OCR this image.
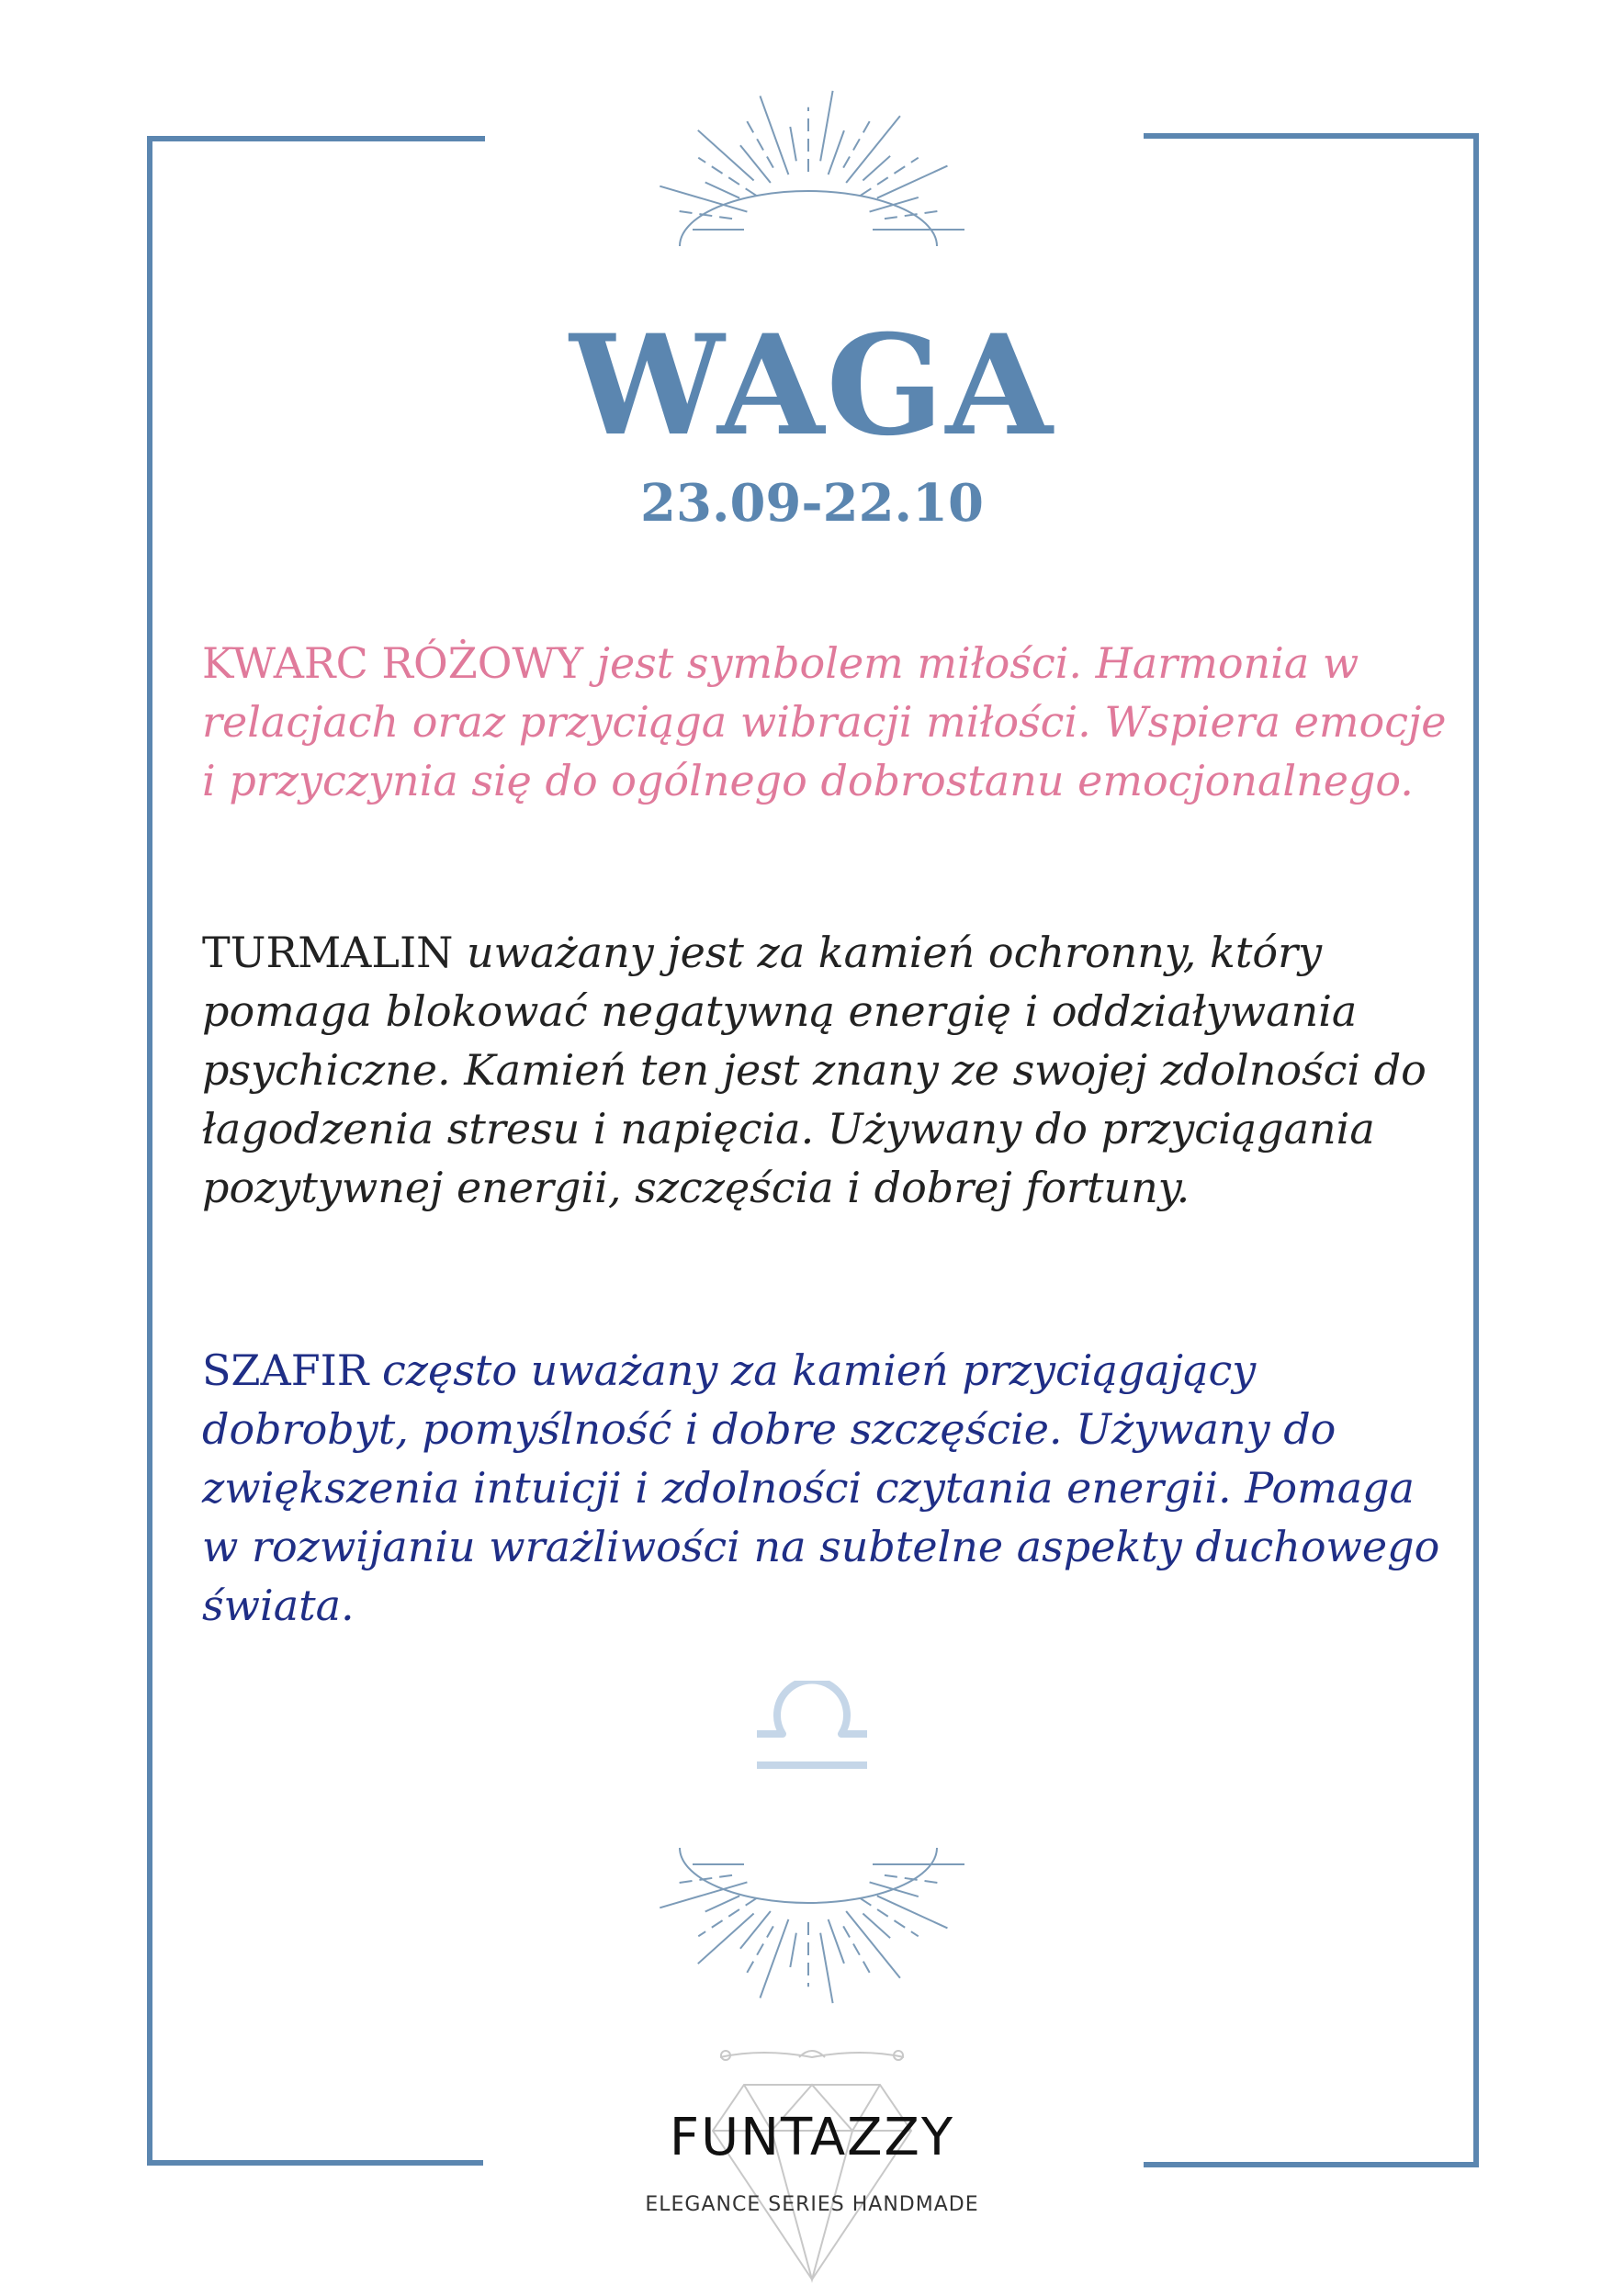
WAGA
23.09-22.10

KWARC RÓŻOWY jest symbolem miłości. Harmonia w relacjach oraz przyciąga wibracji miłości. Wspiera emocje i przyczynia się do ogólnego dobrostanu emocjonalnego.

TURMALIN uważany jest za kamień ochronny, który pomaga blokować negatywną energię i oddziaływania psychiczne. Kamień ten jest znany ze swojej zdolności do łagodzenia stresu i napięcia. Używany do przyciągania pozytywnej energii, szczęścia i dobrej fortuny.

SZAFIR często uważany za kamień przyciągający dobrobyt, pomyślność i dobre szczęście. Używany do zwiększenia intuicji i zdolności czytania energii. Pomaga w rozwijaniu wrażliwości na subtelne aspekty duchowego świata.

FUNTAZZY
ELEGANCE SERIES HANDMADE
